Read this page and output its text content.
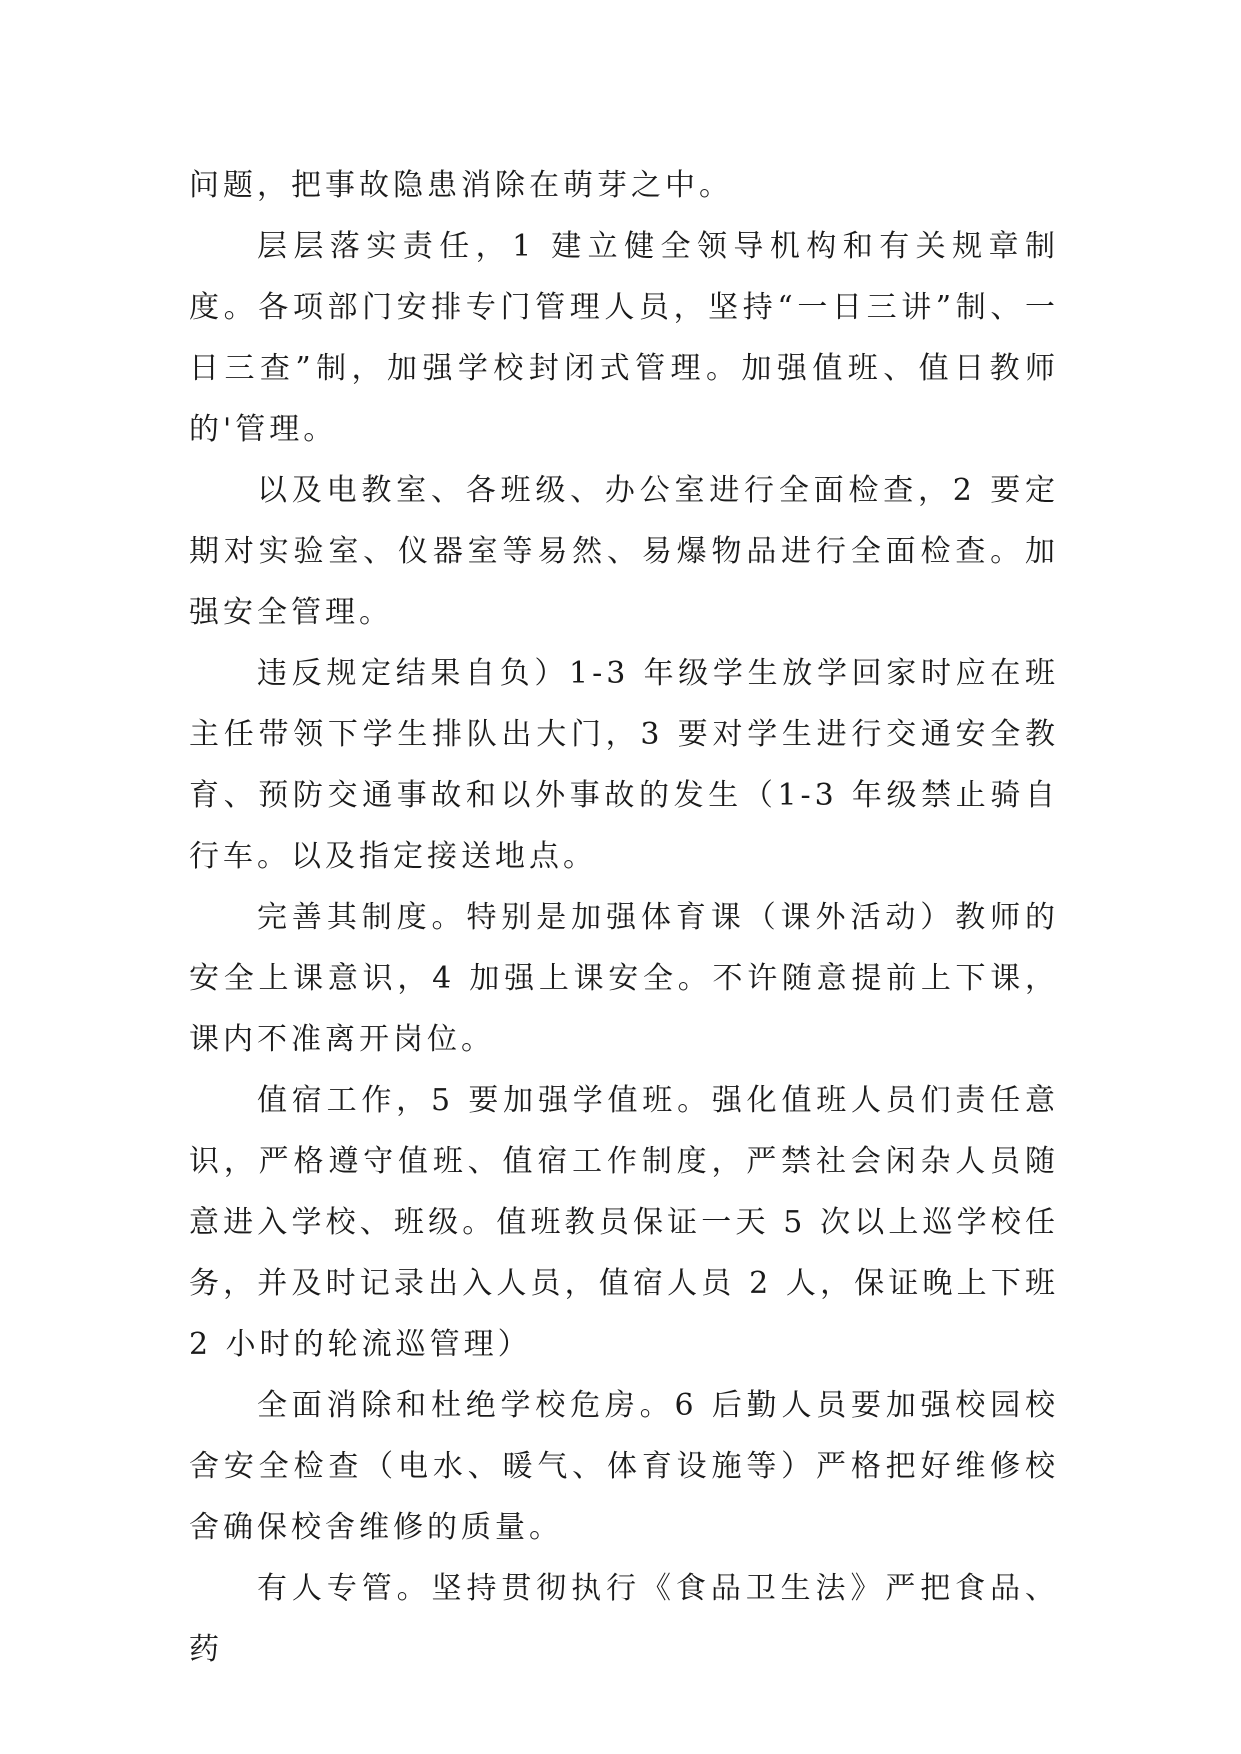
问题，把事故隐患消除在萌芽之中。

层层落实责任，1 建立健全领导机构和有关规章制度。各项部门安排专门管理人员，坚持“一日三讲”制、一日三查”制，加强学校封闭式管理。加强值班、值日教师的'管理。

以及电教室、各班级、办公室进行全面检查，2 要定期对实验室、仪器室等易然、易爆物品进行全面检查。加强安全管理。

违反规定结果自负）1-3 年级学生放学回家时应在班主任带领下学生排队出大门，3 要对学生进行交通安全教育、预防交通事故和以外事故的发生（1-3 年级禁止骑自行车。以及指定接送地点。

完善其制度。特别是加强体育课（课外活动）教师的安全上课意识，4 加强上课安全。不许随意提前上下课，课内不准离开岗位。

值宿工作，5 要加强学值班。强化值班人员们责任意识，严格遵守值班、值宿工作制度，严禁社会闲杂人员随意进入学校、班级。值班教员保证一天 5 次以上巡学校任务，并及时记录出入人员，值宿人员 2 人，保证晚上下班 2 小时的轮流巡管理）

全面消除和杜绝学校危房。6 后勤人员要加强校园校舍安全检查（电水、暖气、体育设施等）严格把好维修校舍确保校舍维修的质量。

有人专管。坚持贯彻执行《食品卫生法》严把食品、药
